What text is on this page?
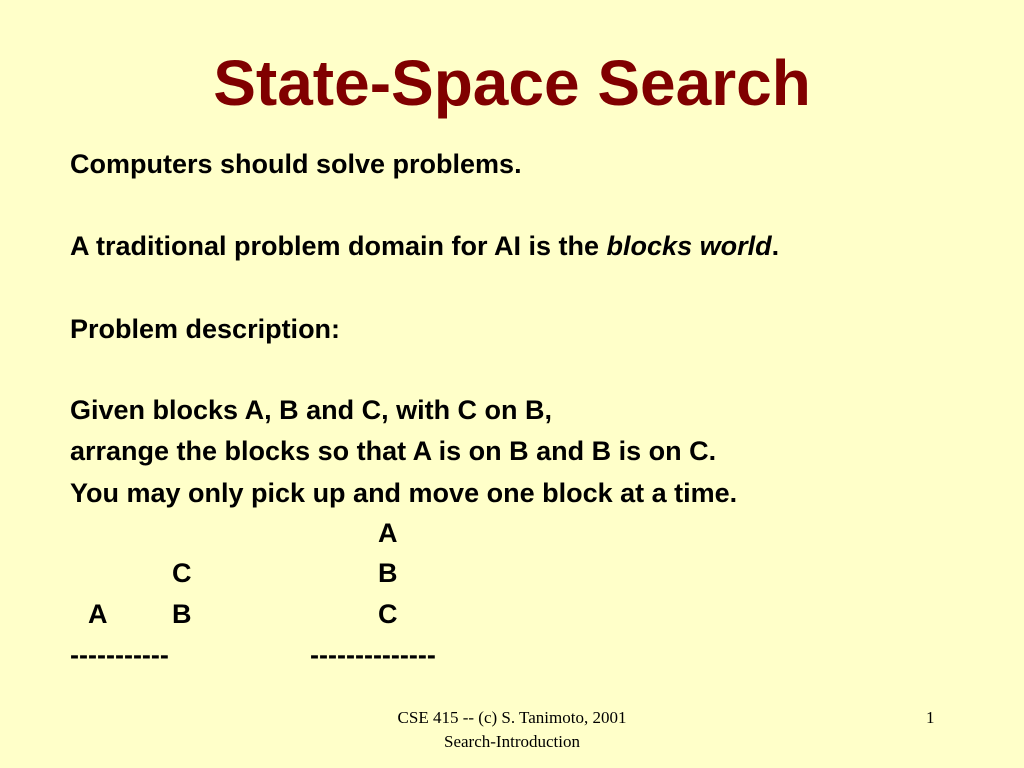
State-Space Search
Computers should solve problems.
A traditional problem domain for AI is the blocks world.
Problem description:
Given blocks A, B and C, with C on B,
arrange the blocks so that A is on B and B is on C.
You may only pick up and move one block at a time.
C
A B
-----------
A
B
C
--------------
CSE 415 -- (c) S. Tanimoto, 2001
Search-Introduction
1
